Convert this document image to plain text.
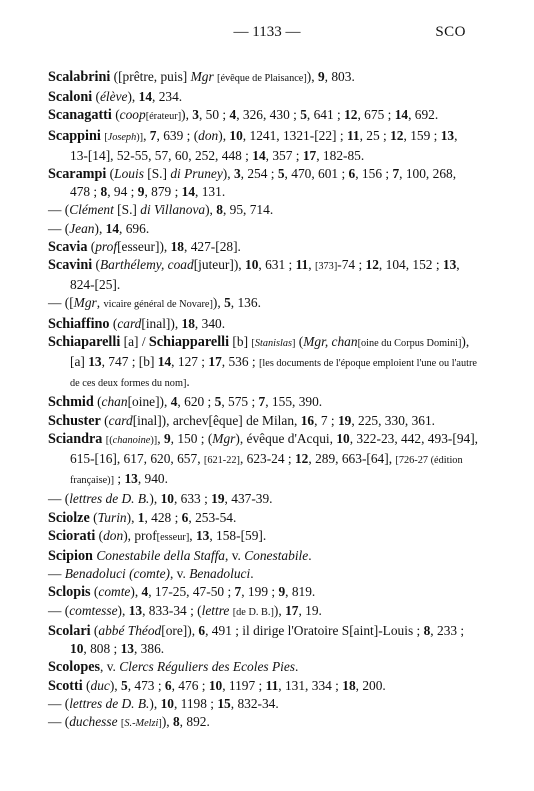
— 1133 —	SCO

Scalabrini ([prêtre, puis] Mgr [évêque de Plaisance]), 9, 803.

Scaloni (élève), 14, 234.

Scanagatti (coop[érateur]), 3, 50 ; 4, 326, 430 ; 5, 641 ; 12, 675 ; 14, 692.

Scappini [Joseph)], 7, 639 ; (don), 10, 1241, 1321-[22] ; 11, 25 ; 12, 159 ; 13, 13-[14], 52-55, 57, 60, 252, 448 ; 14, 357 ; 17, 182-85.

Scarampi (Louis [S.] di Pruney), 3, 254 ; 5, 470, 601 ; 6, 156 ; 7, 100, 268, 478 ; 8, 94 ; 9, 879 ; 14, 131.

— (Clément [S.] di Villanova), 8, 95, 714.

— (Jean), 14, 696.

Scavia (prof[esseur]), 18, 427-[28].

Scavini (Barthélemy, coad[juteur]), 10, 631 ; 11, [373]-74 ; 12, 104, 152 ; 13, 824-[25].

— ([Mgr, vicaire général de Novare]), 5, 136.

Schiaffino (card[inal]), 18, 340.

Schiaparelli [a] / Schiapparelli [b] [Stanislas] (Mgr, chan[oine du Corpus Domini]), [a] 13, 747 ; [b] 14, 127 ; 17, 536 ; [les documents de l'époque emploient l'une ou l'autre de ces deux formes du nom].

Schmid (chan[oine]), 4, 620 ; 5, 575 ; 7, 155, 390.

Schuster (card[inal]), archev[êque] de Milan, 16, 7 ; 19, 225, 330, 361.

Sciandra [(chanoine)], 9, 150 ; (Mgr), évêque d'Acqui, 10, 322-23, 442, 493-[94], 615-[16], 617, 620, 657, [621-22], 623-24 ; 12, 289, 663-[64], [726-27 (édition française)] ; 13, 940.

— (lettres de D. B.), 10, 633 ; 19, 437-39.

Sciolze (Turin), 1, 428 ; 6, 253-54.

Sciorati (don), prof[esseur], 13, 158-[59].

Scipion Conestabile della Staffa, v. Conestabile.

— Benadoluci (comte), v. Benadoluci.

Sclopis (comte), 4, 17-25, 47-50 ; 7, 199 ; 9, 819.

— (comtesse), 13, 833-34 ; (lettre [de D. B.]), 17, 19.

Scolari (abbé Théod[ore]), 6, 491 ; il dirige l'Oratoire S[aint]-Louis ; 8, 233 ; 10, 808 ; 13, 386.

Scolopes, v. Clercs Réguliers des Ecoles Pies.

Scotti (duc), 5, 473 ; 6, 476 ; 10, 1197 ; 11, 131, 334 ; 18, 200.

— (lettres de D. B.), 10, 1198 ; 15, 832-34.

— (duchesse [S.-Melzi]), 8, 892.
